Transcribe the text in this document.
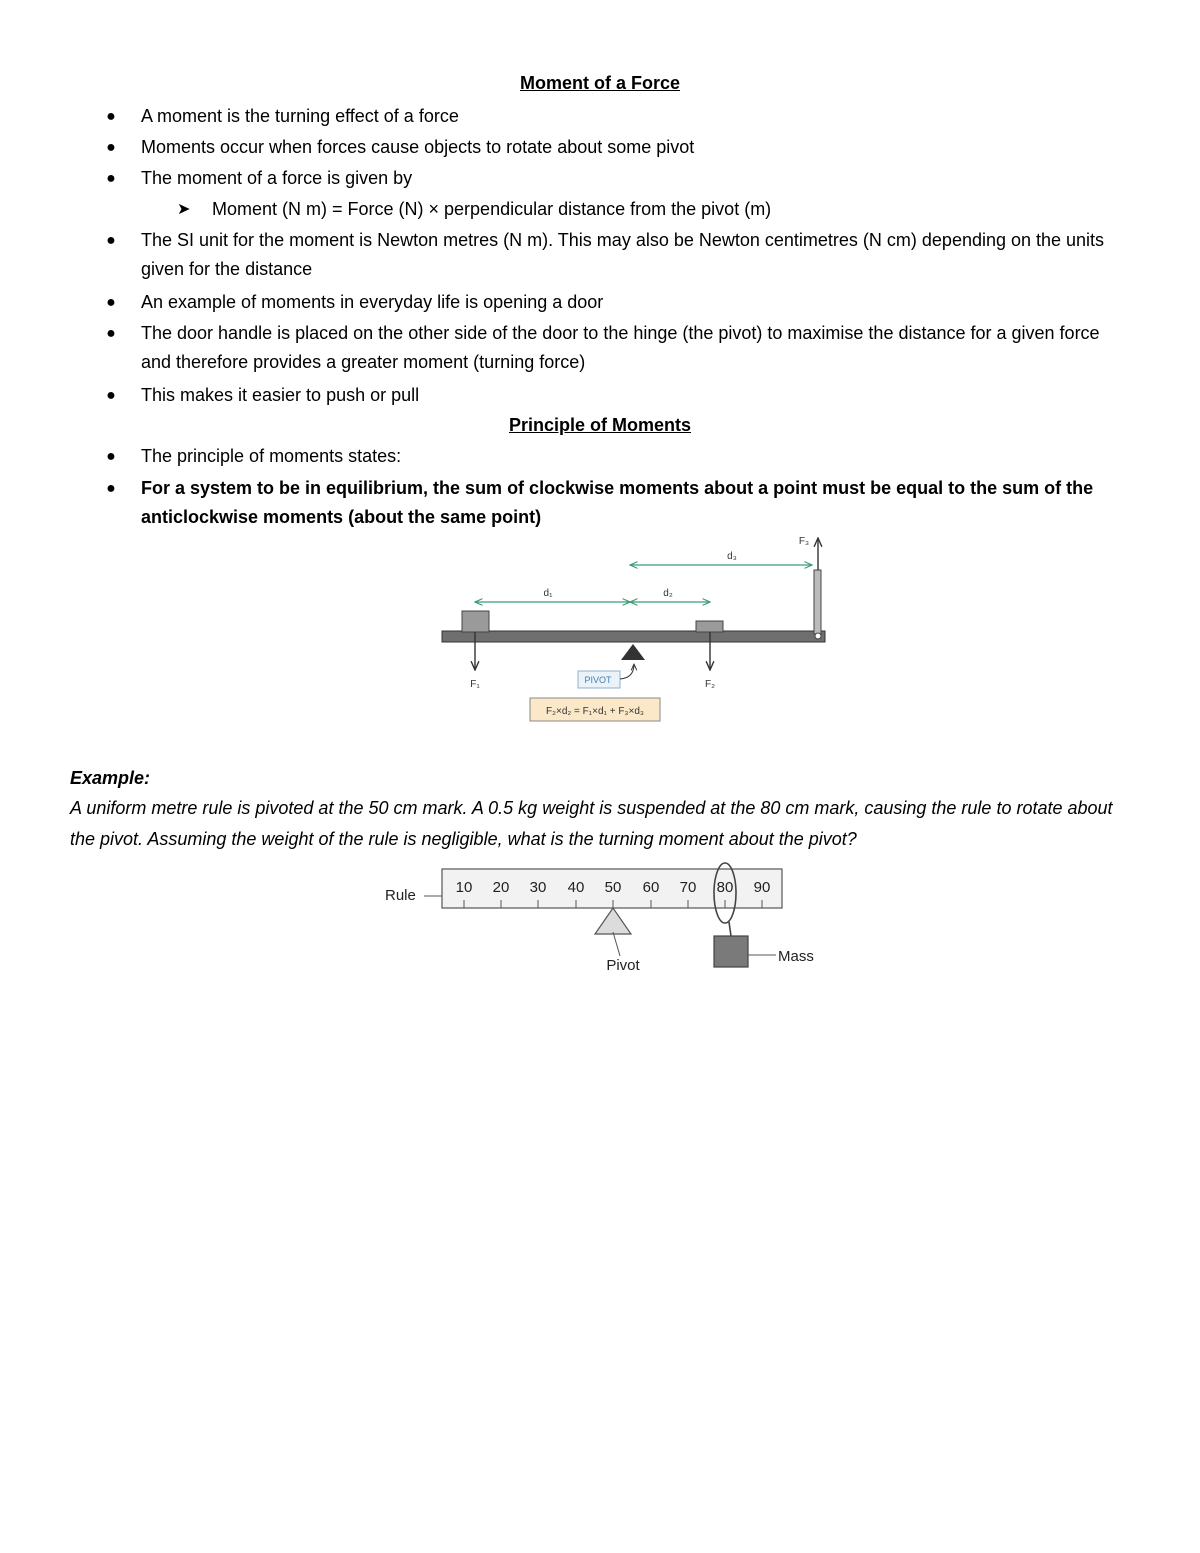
Moment of a Force
● A moment is the turning effect of a force
● Moments occur when forces cause objects to rotate about some pivot
● The moment of a force is given by
➤ Moment (N m) = Force (N) × perpendicular distance from the pivot (m)
● The SI unit for the moment is Newton metres (N m). This may also be Newton centimetres (N cm) depending on the units given for the distance
● An example of moments in everyday life is opening a door
● The door handle is placed on the other side of the door to the hinge (the pivot) to maximise the distance for a given force and therefore provides a greater moment (turning force)
● This makes it easier to push or pull
Principle of Moments
● The principle of moments states:
● For a system to be in equilibrium, the sum of clockwise moments about a point must be equal to the sum of the anticlockwise moments (about the same point)
d₁	d₂
d₃
F₁	F₂
F₃
PIVOT
F₂×d₂ = F₁×d₁ + F₃×d₃
Example:
A uniform metre rule is pivoted at the 50 cm mark. A 0.5 kg weight is suspended at the 80 cm mark, causing the rule to rotate about the pivot. Assuming the weight of the rule is negligible, what is the turning moment about the pivot?
10 20 30 40 50 60 70 80 90
Rule
Pivot
Mass
